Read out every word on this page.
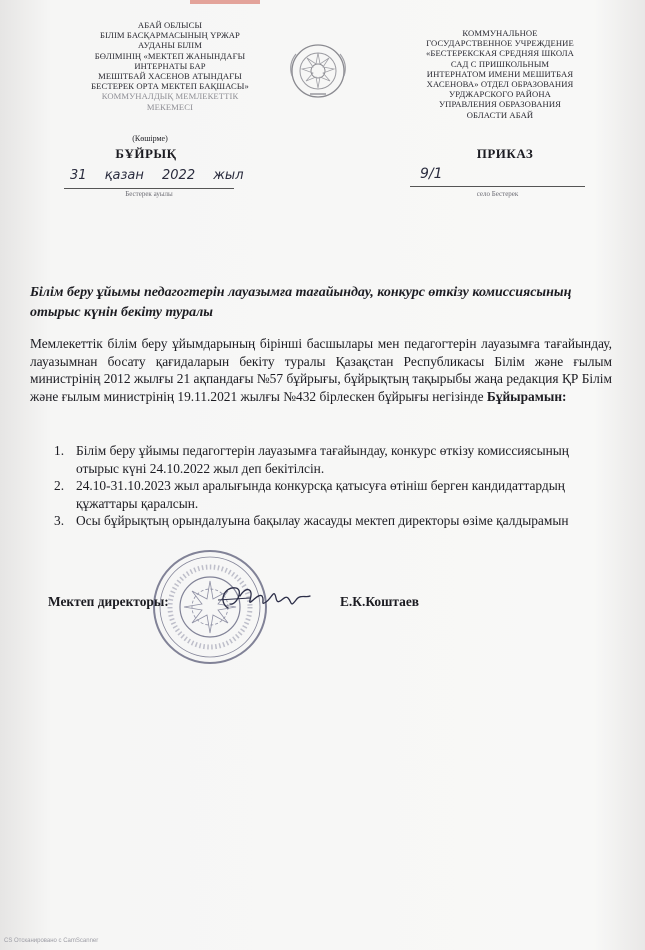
АБАЙ ОБЛЫСЫ
БІЛІМ БАСҚАРМАСЫНЫҢ ҮРЖАР
АУДАНЫ БІЛІМ
БӨЛІМІНІҢ «МЕКТЕП ЖАНЫНДАҒЫ
ИНТЕРНАТЫ БАР
МЕШІТБАЙ ХАСЕНОВ АТЫНДАҒЫ
БЕСТЕРЕК ОРТА МЕКТЕП БАҚШАСЫ»
КОММУНАЛДЫҚ МЕМЛЕКЕТТІК
МЕКЕМЕСІ
КОММУНАЛЬНОЕ
ГОСУДАРСТВЕННОЕ УЧРЕЖДЕНИЕ
«БЕСТЕРЕКСКАЯ СРЕДНЯЯ ШКОЛА
САД С ПРИШКОЛЬНЫМ
ИНТЕРНАТОМ ИМЕНИ МЕШИТБАЯ
ХАСЕНОВА» ОТДЕЛ ОБРАЗОВАНИЯ
УРДЖАРСКОГО РАЙОНА
УПРАВЛЕНИЯ ОБРАЗОВАНИЯ
ОБЛАСТИ АБАЙ
(Көшірме)
БҰЙРЫҚ	ПРИКАЗ
31 қазан 2022 жыл
Бестерек ауылы
9/1
село Бестерек
Білім беру ұйымы педагогтерін лауазымға тағайындау, конкурс өткізу комиссиясының отырыс күнін бекіту туралы
Мемлекеттік білім беру ұйымдарының бірінші басшылары мен педагогтерін лауазымға тағайындау, лауазымнан босату қағидаларын бекіту туралы Қазақстан Республикасы Білім және ғылым министрінің 2012 жылғы 21 ақпандағы №57 бұйрығы, бұйрықтың тақырыбы жаңа редакция ҚР Білім және ғылым министрінің 19.11.2021 жылғы №432 бірлескен бұйрығы негізінде Бұйырамын:
1. Білім беру ұйымы педагогтерін лауазымға тағайындау, конкурс өткізу комиссиясының отырыс күні 24.10.2022 жыл деп бекітілсін.
2. 24.10-31.10.2023 жыл аралығында конкурсқа қатысуға өтініш берген кандидаттардың құжаттары қаралсын.
3. Осы бұйрықтың орындалуына бақылау жасауды мектеп директоры өзіме қалдырамын
Мектеп директоры:	Е.К.Коштаев
CS Отсканировано с CamScanner
